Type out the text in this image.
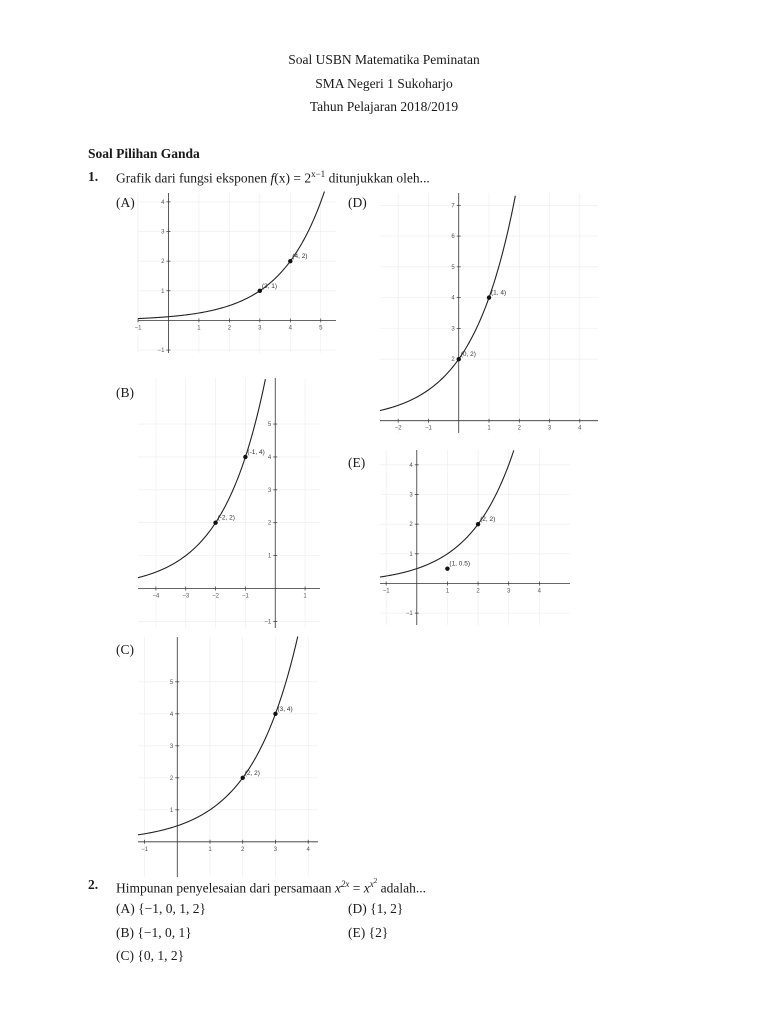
Soal USBN Matematika Peminatan
SMA Negeri 1 Sukoharjo
Tahun Pelajaran 2018/2019
Soal Pilihan Ganda
1. Grafik dari fungsi eksponen $f(x) = 2^{x-1}$ ditunjukkan oleh...
(A)
(B)
(C)
(D)
(E)
−1	1	2	3	4	5
−1
1
2
3
4
(3, 1)
(4, 2)
−4	−3	−2	−1	1
−1
1
2
3
4
5
(-2, 2)
(-1, 4)
−1	1	2	3	4
1
2
3
4
5
(2, 2)
(3, 4)
−2	−1	1	2	3	4
2
3
4
5
6
7
(0, 2)
(1, 4)
−1	1	2	3	4
−1
1
2
3
4
(1, 0.5)
(2, 2)
2. Himpunan penyelesaian dari persamaan $x^{2x} = x^{x^2}$ adalah...
(A) {−1, 0, 1, 2}
(B) {−1, 0, 1}
(C) {0, 1, 2}
(D) {1, 2}
(E) {2}
